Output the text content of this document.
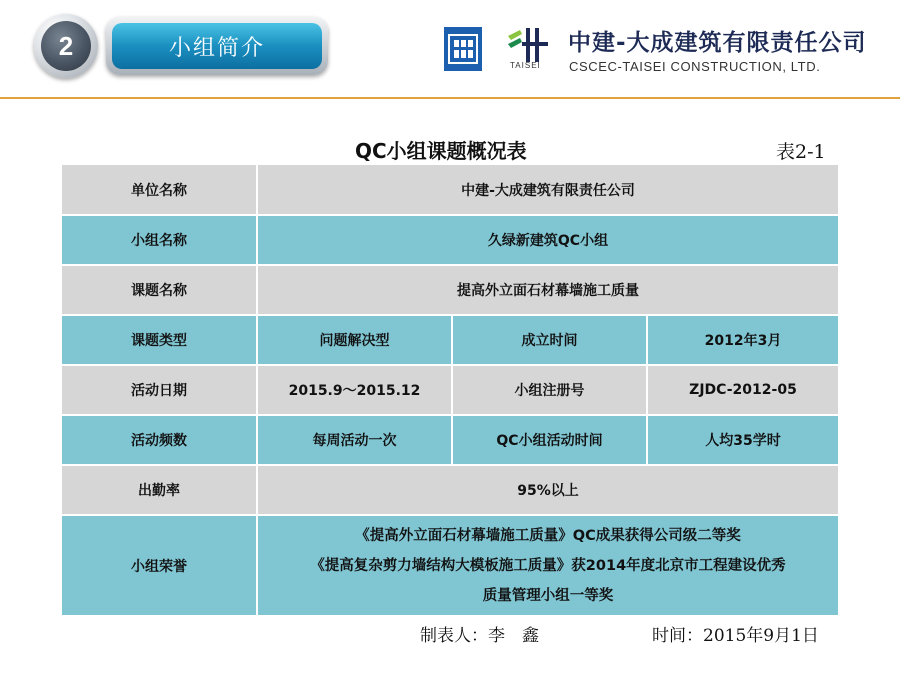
2	小组简介
TAISEI
中建-大成建筑有限责任公司
CSCEC-TAISEI CONSTRUCTION, LTD.
QC小组课题概况表	表2-1
单位名称	中建-大成建筑有限责任公司		
小组名称	久绿新建筑QC小组		
课题名称	提高外立面石材幕墙施工质量		
课题类型	问题解决型	成立时间	2012年3月
活动日期	2015.9～2015.12	小组注册号	ZJDC-2012-05
活动频数	每周活动一次	QC小组活动时间	人均35学时
出勤率	95%以上		
小组荣誉	《提高外立面石材幕墙施工质量》QC成果获得公司级二等奖

《提高复杂剪力墙结构大模板施工质量》获2014年度北京市工程建设优秀

质量管理小组一等奖		

制表人：李　鑫	时间：2015年9月1日
